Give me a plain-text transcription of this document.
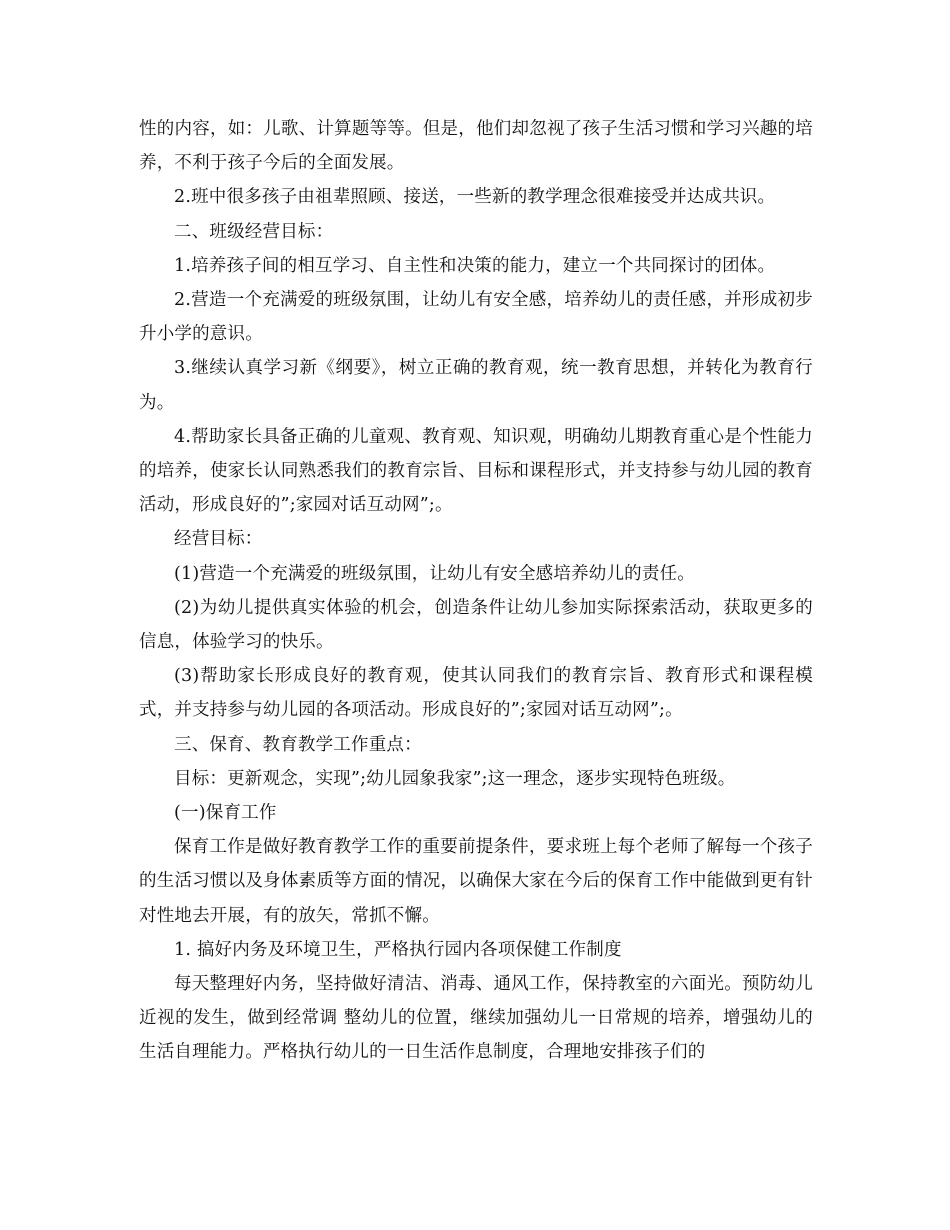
性的内容，如：儿歌、计算题等等。但是，他们却忽视了孩子生活习惯和学习兴趣的培养，不利于孩子今后的全面发展。

2.班中很多孩子由祖辈照顾、接送，一些新的教学理念很难接受并达成共识。

二、班级经营目标：

1.培养孩子间的相互学习、自主性和决策的能力，建立一个共同探讨的团体。

2.营造一个充满爱的班级氛围，让幼儿有安全感，培养幼儿的责任感，并形成初步升小学的意识。

3.继续认真学习新《纲要》，树立正确的教育观，统一教育思想，并转化为教育行为。

4.帮助家长具备正确的儿童观、教育观、知识观，明确幼儿期教育重心是个性能力的培养，使家长认同熟悉我们的教育宗旨、目标和课程形式，并支持参与幼儿园的教育活动，形成良好的”;家园对话互动网”;。

经营目标：

(1)营造一个充满爱的班级氛围，让幼儿有安全感培养幼儿的责任。

(2)为幼儿提供真实体验的机会，创造条件让幼儿参加实际探索活动，获取更多的信息，体验学习的快乐。

(3)帮助家长形成良好的教育观，使其认同我们的教育宗旨、教育形式和课程模式，并支持参与幼儿园的各项活动。形成良好的”;家园对话互动网”;。

三、保育、教育教学工作重点：

目标：更新观念，实现”;幼儿园象我家”;这一理念，逐步实现特色班级。

(一)保育工作

保育工作是做好教育教学工作的重要前提条件，要求班上每个老师了解每一个孩子的生活习惯以及身体素质等方面的情况，以确保大家在今后的保育工作中能做到更有针对性地去开展，有的放矢，常抓不懈。

1. 搞好内务及环境卫生，严格执行园内各项保健工作制度

每天整理好内务，坚持做好清洁、消毒、通风工作，保持教室的六面光。预防幼儿近视的发生，做到经常调 整幼儿的位置，继续加强幼儿一日常规的培养，增强幼儿的生活自理能力。严格执行幼儿的一日生活作息制度，合理地安排孩子们的
